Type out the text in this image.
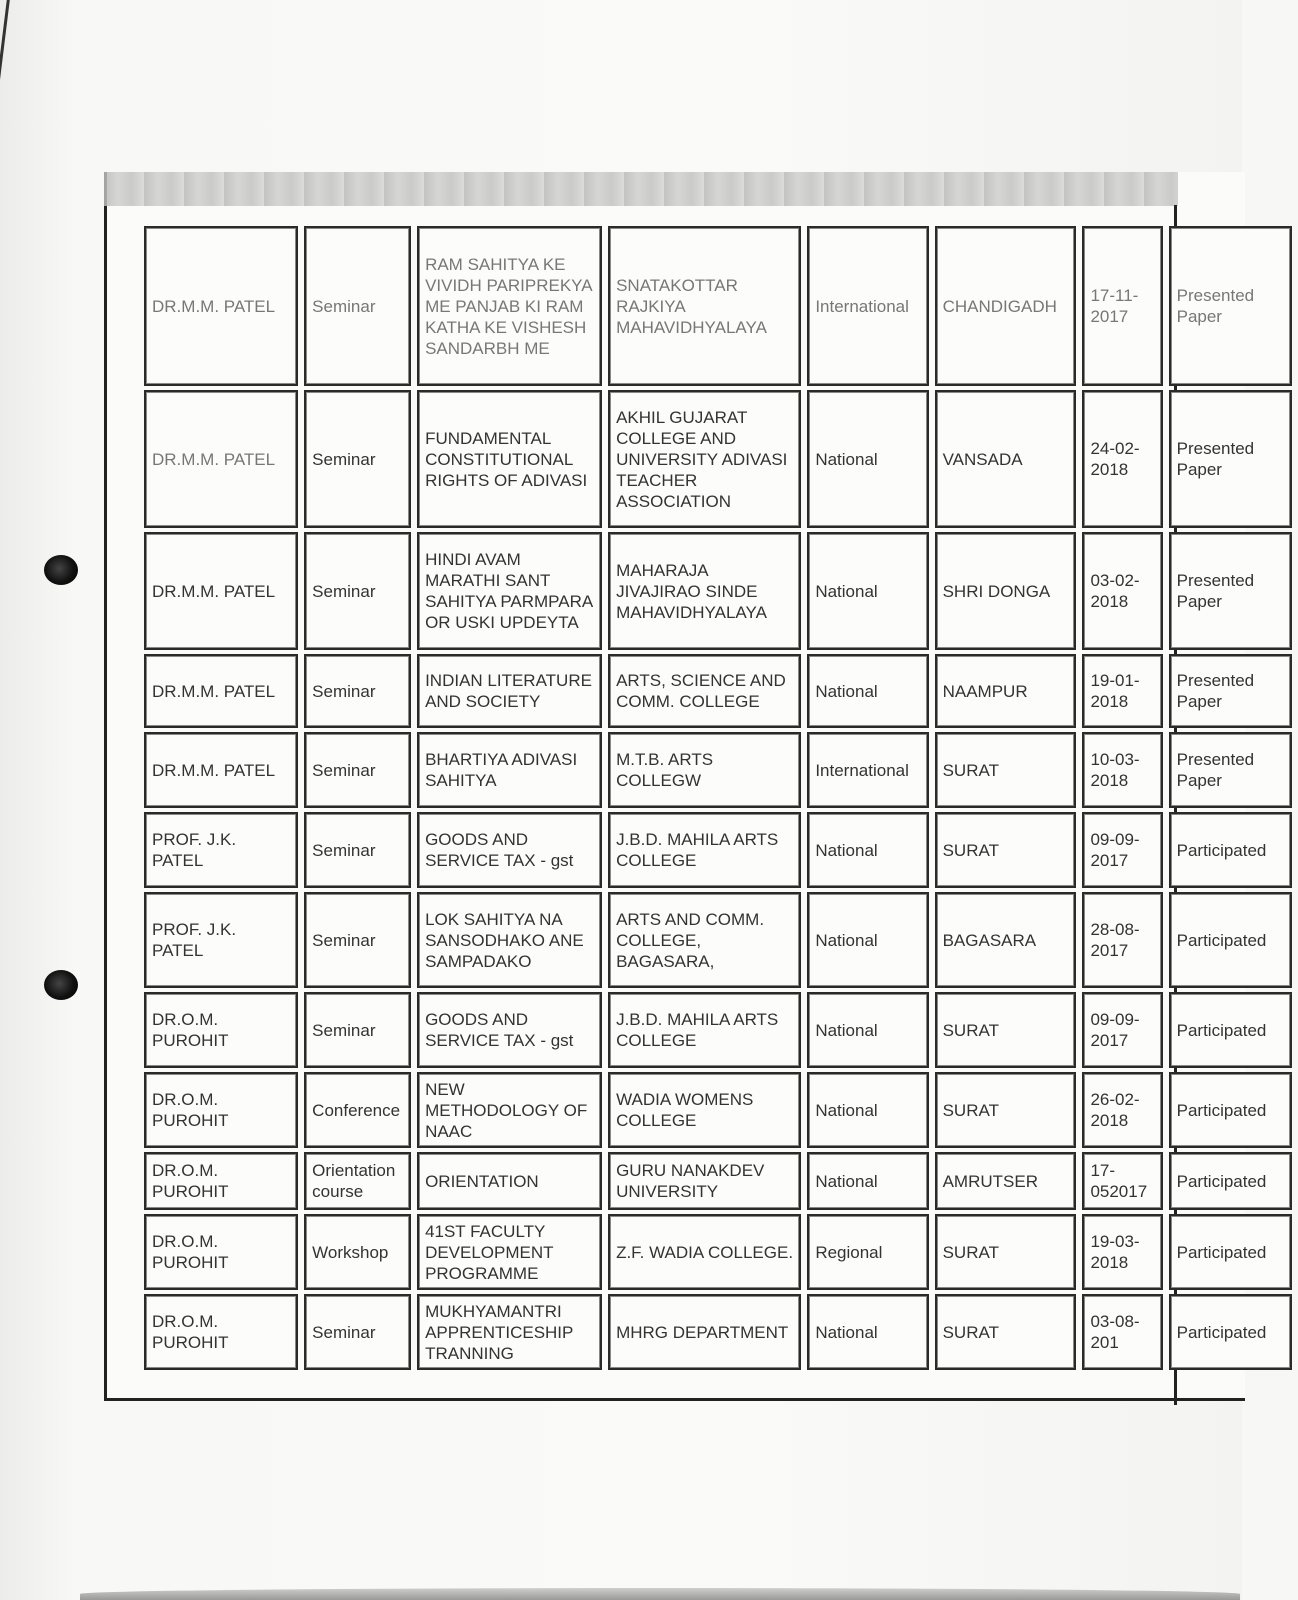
DR.M.M. PATEL	Seminar	RAM SAHITYA KE VIVIDH PARIPREKYA ME PANJAB KI RAM KATHA KE VISHESH SANDARBH ME	SNATAKOTTAR RAJKIYA MAHAVIDHYALAYA	International	CHANDIGADH	17-11-2017	Presented Paper
DR.M.M. PATEL	Seminar	FUNDAMENTAL CONSTITUTIONAL RIGHTS OF ADIVASI	AKHIL GUJARAT COLLEGE AND UNIVERSITY ADIVASI TEACHER ASSOCIATION	National	VANSADA	24-02-2018	Presented Paper
DR.M.M. PATEL	Seminar	HINDI AVAM MARATHI SANT SAHITYA PARMPARA OR USKI UPDEYTA	MAHARAJA JIVAJIRAO SINDE MAHAVIDHYALAYA	National	SHRI DONGA	03-02-2018	Presented Paper
DR.M.M. PATEL	Seminar	INDIAN LITERATURE AND SOCIETY	ARTS, SCIENCE AND COMM. COLLEGE	National	NAAMPUR	19-01-2018	Presented Paper
DR.M.M. PATEL	Seminar	BHARTIYA ADIVASI SAHITYA	M.T.B. ARTS COLLEGW	International	SURAT	10-03-2018	Presented Paper
PROF. J.K. PATEL	Seminar	GOODS AND SERVICE TAX - gst	J.B.D. MAHILA ARTS COLLEGE	National	SURAT	09-09-2017	Participated
PROF. J.K. PATEL	Seminar	LOK SAHITYA NA SANSODHAKO ANE SAMPADAKO	ARTS AND COMM. COLLEGE, BAGASARA,	National	BAGASARA	28-08-2017	Participated
DR.O.M. PUROHIT	Seminar	GOODS AND SERVICE TAX - gst	J.B.D. MAHILA ARTS COLLEGE	National	SURAT	09-09-2017	Participated
DR.O.M. PUROHIT	Conference	NEW METHODOLOGY OF NAAC	WADIA WOMENS COLLEGE	National	SURAT	26-02-2018	Participated
DR.O.M. PUROHIT	Orientation course	ORIENTATION	GURU NANAKDEV UNIVERSITY	National	AMRUTSER	17-052017	Participated
DR.O.M. PUROHIT	Workshop	41ST FACULTY DEVELOPMENT PROGRAMME	Z.F. WADIA COLLEGE.	Regional	SURAT	19-03-2018	Participated
DR.O.M. PUROHIT	Seminar	MUKHYAMANTRI APPRENTICESHIP TRANNING	MHRG DEPARTMENT	National	SURAT	03-08-201	Participated
